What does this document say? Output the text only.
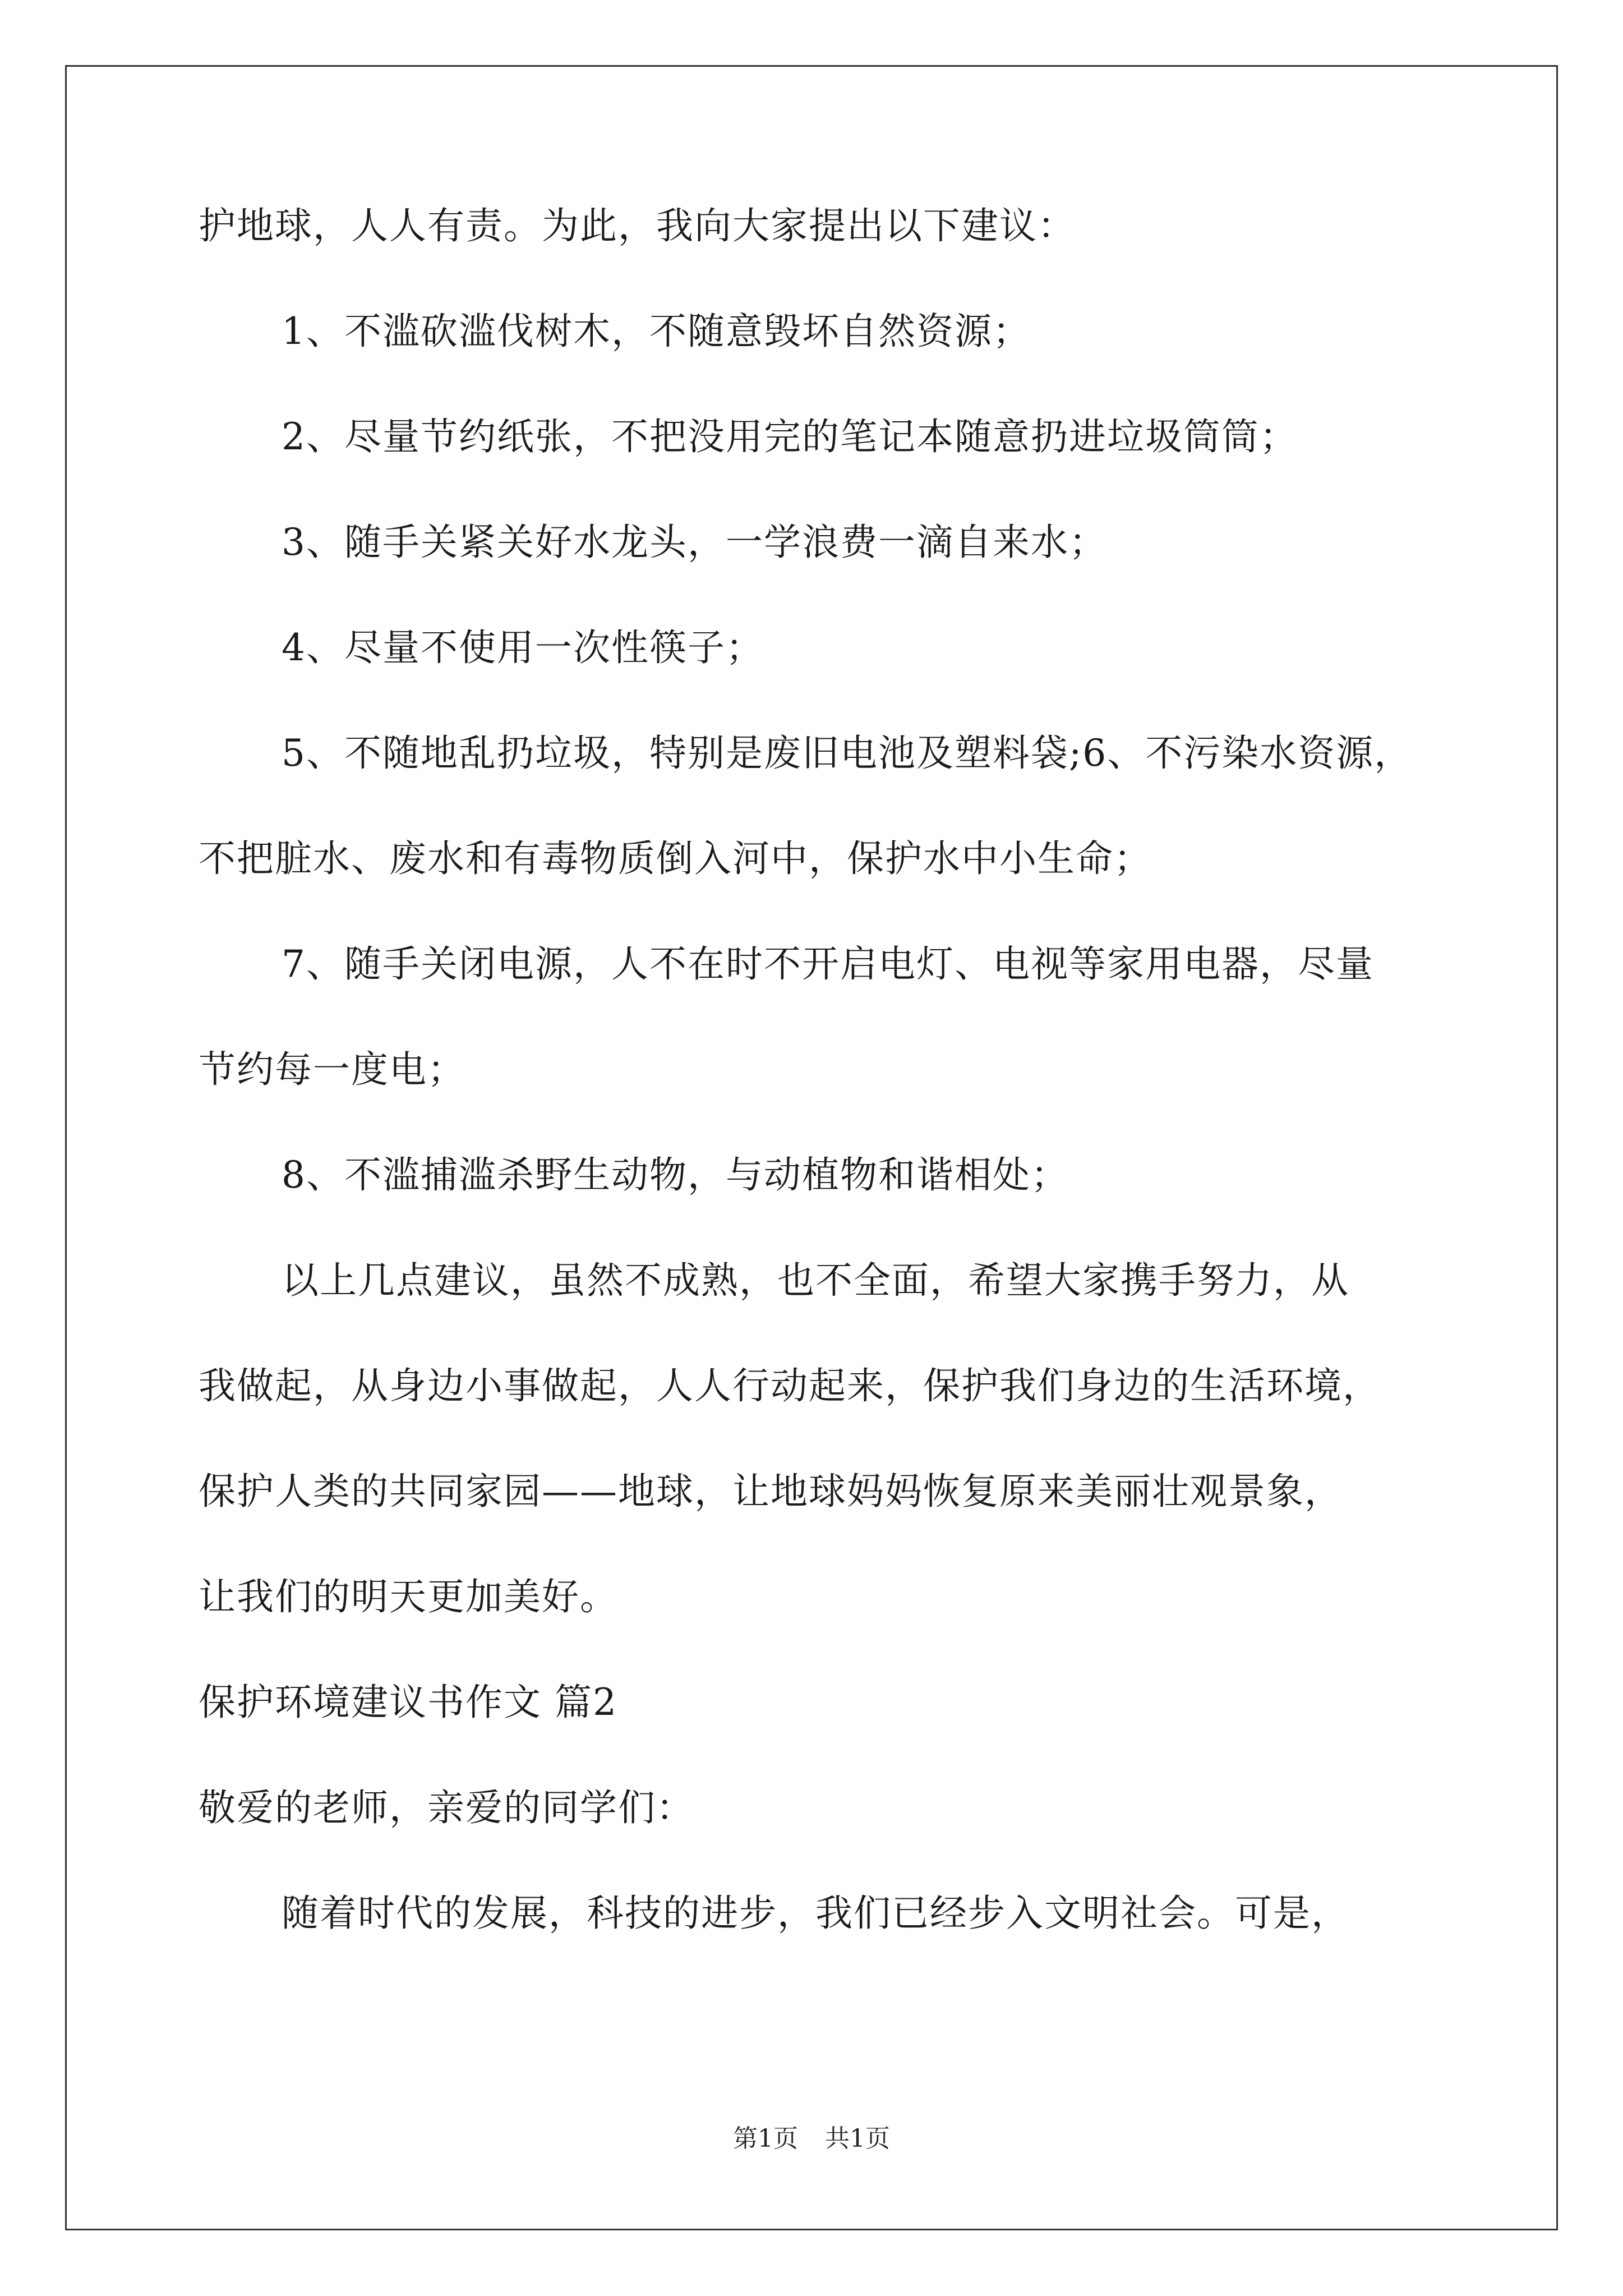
护地球，人人有责。为此，我向大家提出以下建议：
1、不滥砍滥伐树木，不随意毁坏自然资源；
2、尽量节约纸张，不把没用完的笔记本随意扔进垃圾筒筒；
3、随手关紧关好水龙头，一学浪费一滴自来水；
4、尽量不使用一次性筷子；
5、不随地乱扔垃圾，特别是废旧电池及塑料袋;6、不污染水资源，
不把脏水、废水和有毒物质倒入河中，保护水中小生命；
7、随手关闭电源，人不在时不开启电灯、电视等家用电器，尽量
节约每一度电；
8、不滥捕滥杀野生动物，与动植物和谐相处；
以上几点建议，虽然不成熟，也不全面，希望大家携手努力，从
我做起，从身边小事做起，人人行动起来，保护我们身边的生活环境，
保护人类的共同家园——地球，让地球妈妈恢复原来美丽壮观景象，
让我们的明天更加美好。
保护环境建议书作文 篇2
敬爱的老师，亲爱的同学们：
随着时代的发展，科技的进步，我们已经步入文明社会。可是，
第1页 共1页
